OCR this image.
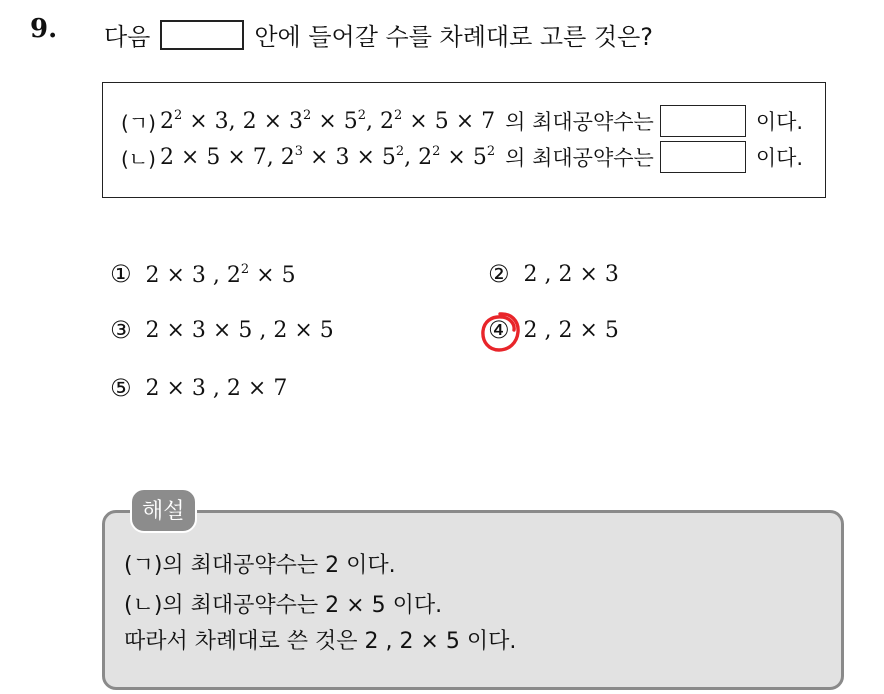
9. 다음	안에 들어갈 수를 차례대로 고른 것은?
(ㄱ) $2^2 \times 3$, $2 \times 3^2 \times 5^2$, $2^2 \times 5 \times 7$ 의 최대공약수는	이다.
(ㄴ) 2 × 5 × 7, $2^3 \times 3 \times 5^2$, $2^2 \times 5^2$ 의 최대공약수는	이다.
① 2 × 3 , $2^2 \times 5$	② 2 , 2 × 3
③ 2 × 3 × 5 , 2 × 5	④ 2 , 2 × 5
⑤ 2 × 3 , 2 × 7
해설
(ㄱ)의 최대공약수는 2 이다.
(ㄴ)의 최대공약수는 2 × 5 이다.
따라서 차례대로 쓴 것은 2 , 2 × 5 이다.
